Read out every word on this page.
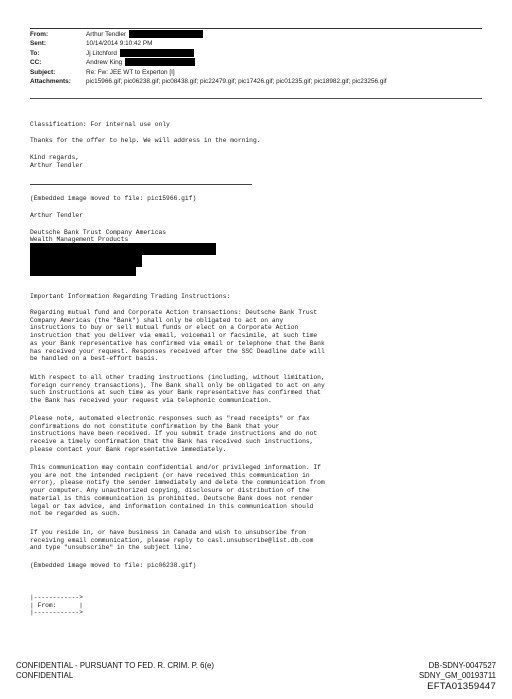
From:	Arthur Tendler
Sent:	10/14/2014 9:10:42 PM
To:	Jj Litchford
CC:	Andrew King
Subject:	Re: Fw: JEE WT to Experton [I]
Attachments:	pic15966.gif; pic06238.gif; pic08438.gif; pic22479.gif; pic17426.gif; pic01235.gif; pic18982.gif; pic23256.gif
Classification: For internal use only
Thanks for the offer to help. We will address in the morning.
Kind regards,
Arthur Tendler
(Embedded image moved to file: pic15966.gif)
Arthur Tendler
Deutsche Bank Trust Company Americas
Wealth Management Products
Important Information Regarding Trading Instructions:
Regarding mutual fund and Corporate Action transactions: Deutsche Bank Trust
Company Americas (the "Bank") shall only be obligated to act on any
instructions to buy or sell mutual funds or elect on a Corporate Action
instruction that you deliver via email, voicemail or facsimile, at such time
as your Bank representative has confirmed via email or telephone that the Bank
has received your request. Responses received after the SSC Deadline date will
be handled on a best-effort basis.
With respect to all other trading instructions (including, without limitation,
foreign currency transactions), The Bank shall only be obligated to act on any
such instructions at such time as your Bank representative has confirmed that
the Bank has received your request via telephonic communication.
Please note, automated electronic responses such as "read receipts" or fax
confirmations do not constitute confirmation by the Bank that your
instructions have been received. If you submit trade instructions and do not
receive a timely confirmation that the Bank has received such instructions,
please contact your Bank representative immediately.
This communication may contain confidential and/or privileged information. If
you are not the intended recipient (or have received this communication in
error), please notify the sender immediately and delete the communication from
your computer. Any unauthorized copying, disclosure or distribution of the
material is this communication is prohibited. Deutsche Bank does not render
legal or tax advice, and information contained in this communication should
not be regarded as such.
If you reside in, or have business in Canada and wish to unsubscribe from
receiving email communication, please reply to casl.unsubscribe@list.db.com
and type "unsubscribe" in the subject line.
(Embedded image moved to file: pic06238.gif)
|------------>
| From:      |
|------------>
CONFIDENTIAL - PURSUANT TO FED. R. CRIM. P. 6(e)
CONFIDENTIAL
DB-SDNY-0047527
SDNY_GM_00193711
EFTA01359447
